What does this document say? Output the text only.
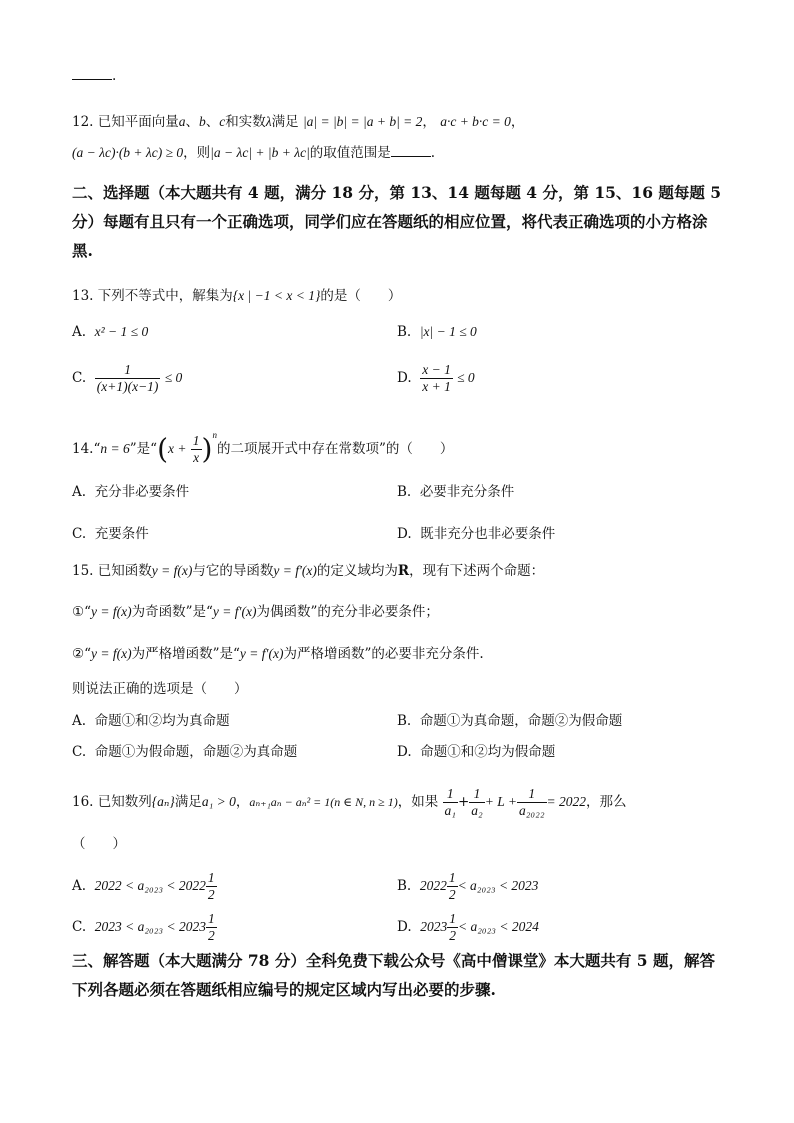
.
12. 已知平面向量a、b、c和实数λ满足 |a| = |b| = |a + b| = 2， a·c + b·c = 0，
(a − λc)·(b + λc) ≥ 0，则|a − λc| + |b + λc|的取值范围是	.
二、选择题（本大题共有 4 题，满分 18 分，第 13、14 题每题 4 分，第 15、16 题每题 5 分）每题有且只有一个正确选项，同学们应在答题纸的相应位置，将代表正确选项的小方格涂黑.
13. 下列不等式中，解集为{x | −1 < x < 1}的是（　　）
A. x² − 1 ≤ 0	B. |x| − 1 ≤ 0
C. $\frac{1}{(x+1)(x-1)} \le 0$	D. $\frac{x - 1}{x + 1} \le 0$
14.“n = 6”是“$(x + \frac{1}{x} )^n$的二项展开式中存在常数项”的（　　）
A. 充分非必要条件	B. 必要非充分条件
C. 充要条件	D. 既非充分也非必要条件
15. 已知函数y = f(x)与它的导函数y = f′(x)的定义域均为R，现有下述两个命题：
①“y = f(x)为奇函数”是“y = f′(x)为偶函数”的充分非必要条件；
②“y = f(x)为严格增函数”是“y = f′(x)为严格增函数”的必要非充分条件.
则说法正确的选项是（　　）
A. 命题①和②均为真命题	B. 命题①为真命题，命题②为假命题
C. 命题①为假命题，命题②为真命题	D. 命题①和②均为假命题
16. 已知数列{aₙ}满足a₁ > 0，aₙ₊₁aₙ − aₙ² = 1(n ∈ N, n ≥ 1)，如果 $\frac{1}{\text{a₁}} + \frac{1}{\text{a₂}} + L + \frac{1}{\text{a₂₀₂₂}} = 2022$，那么
（　　）
A. $2022 < a_{2023} < 2022 \frac{1}{2}$	B. $2022 \frac{1}{2} < a_{2023} < 2023$
C. $2023 < a_{2023} < 2023 \frac{1}{2}$	D. $2023 \frac{1}{2} < a_{2023} < 2024$
三、解答题（本大题满分 78 分）全科免费下载公众号《高中僧课堂》本大题共有 5 题，解答下列各题必须在答题纸相应编号的规定区域内写出必要的步骤.
